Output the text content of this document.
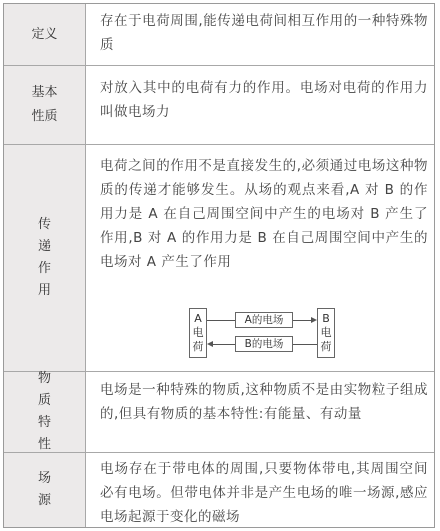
定义
存在于电荷周围,能传递电荷间相互作用的一种特殊物质
基本性质
对放入其中的电荷有力的作用。电场对电荷的作用力叫做电场力
传递作用
电荷之间的作用不是直接发生的,必须通过电场这种物质的传递才能够发生。从场的观点来看,A 对 B 的作用力是 A 在自己周围空间中产生的电场对 B 产生了作用,B 对 A 的作用力是 B 在自己周围空间中产生的电场对 A 产生了作用
物质特性
电场是一种特殊的物质,这种物质不是由实物粒子组成的,但具有物质的基本特性:有能量、有动量
场源
电场存在于带电体的周围,只要物体带电,其周围空间必有电场。但带电体并非是产生电场的唯一场源,感应电场起源于变化的磁场
A电荷
B电荷
A的电场
B的电场
